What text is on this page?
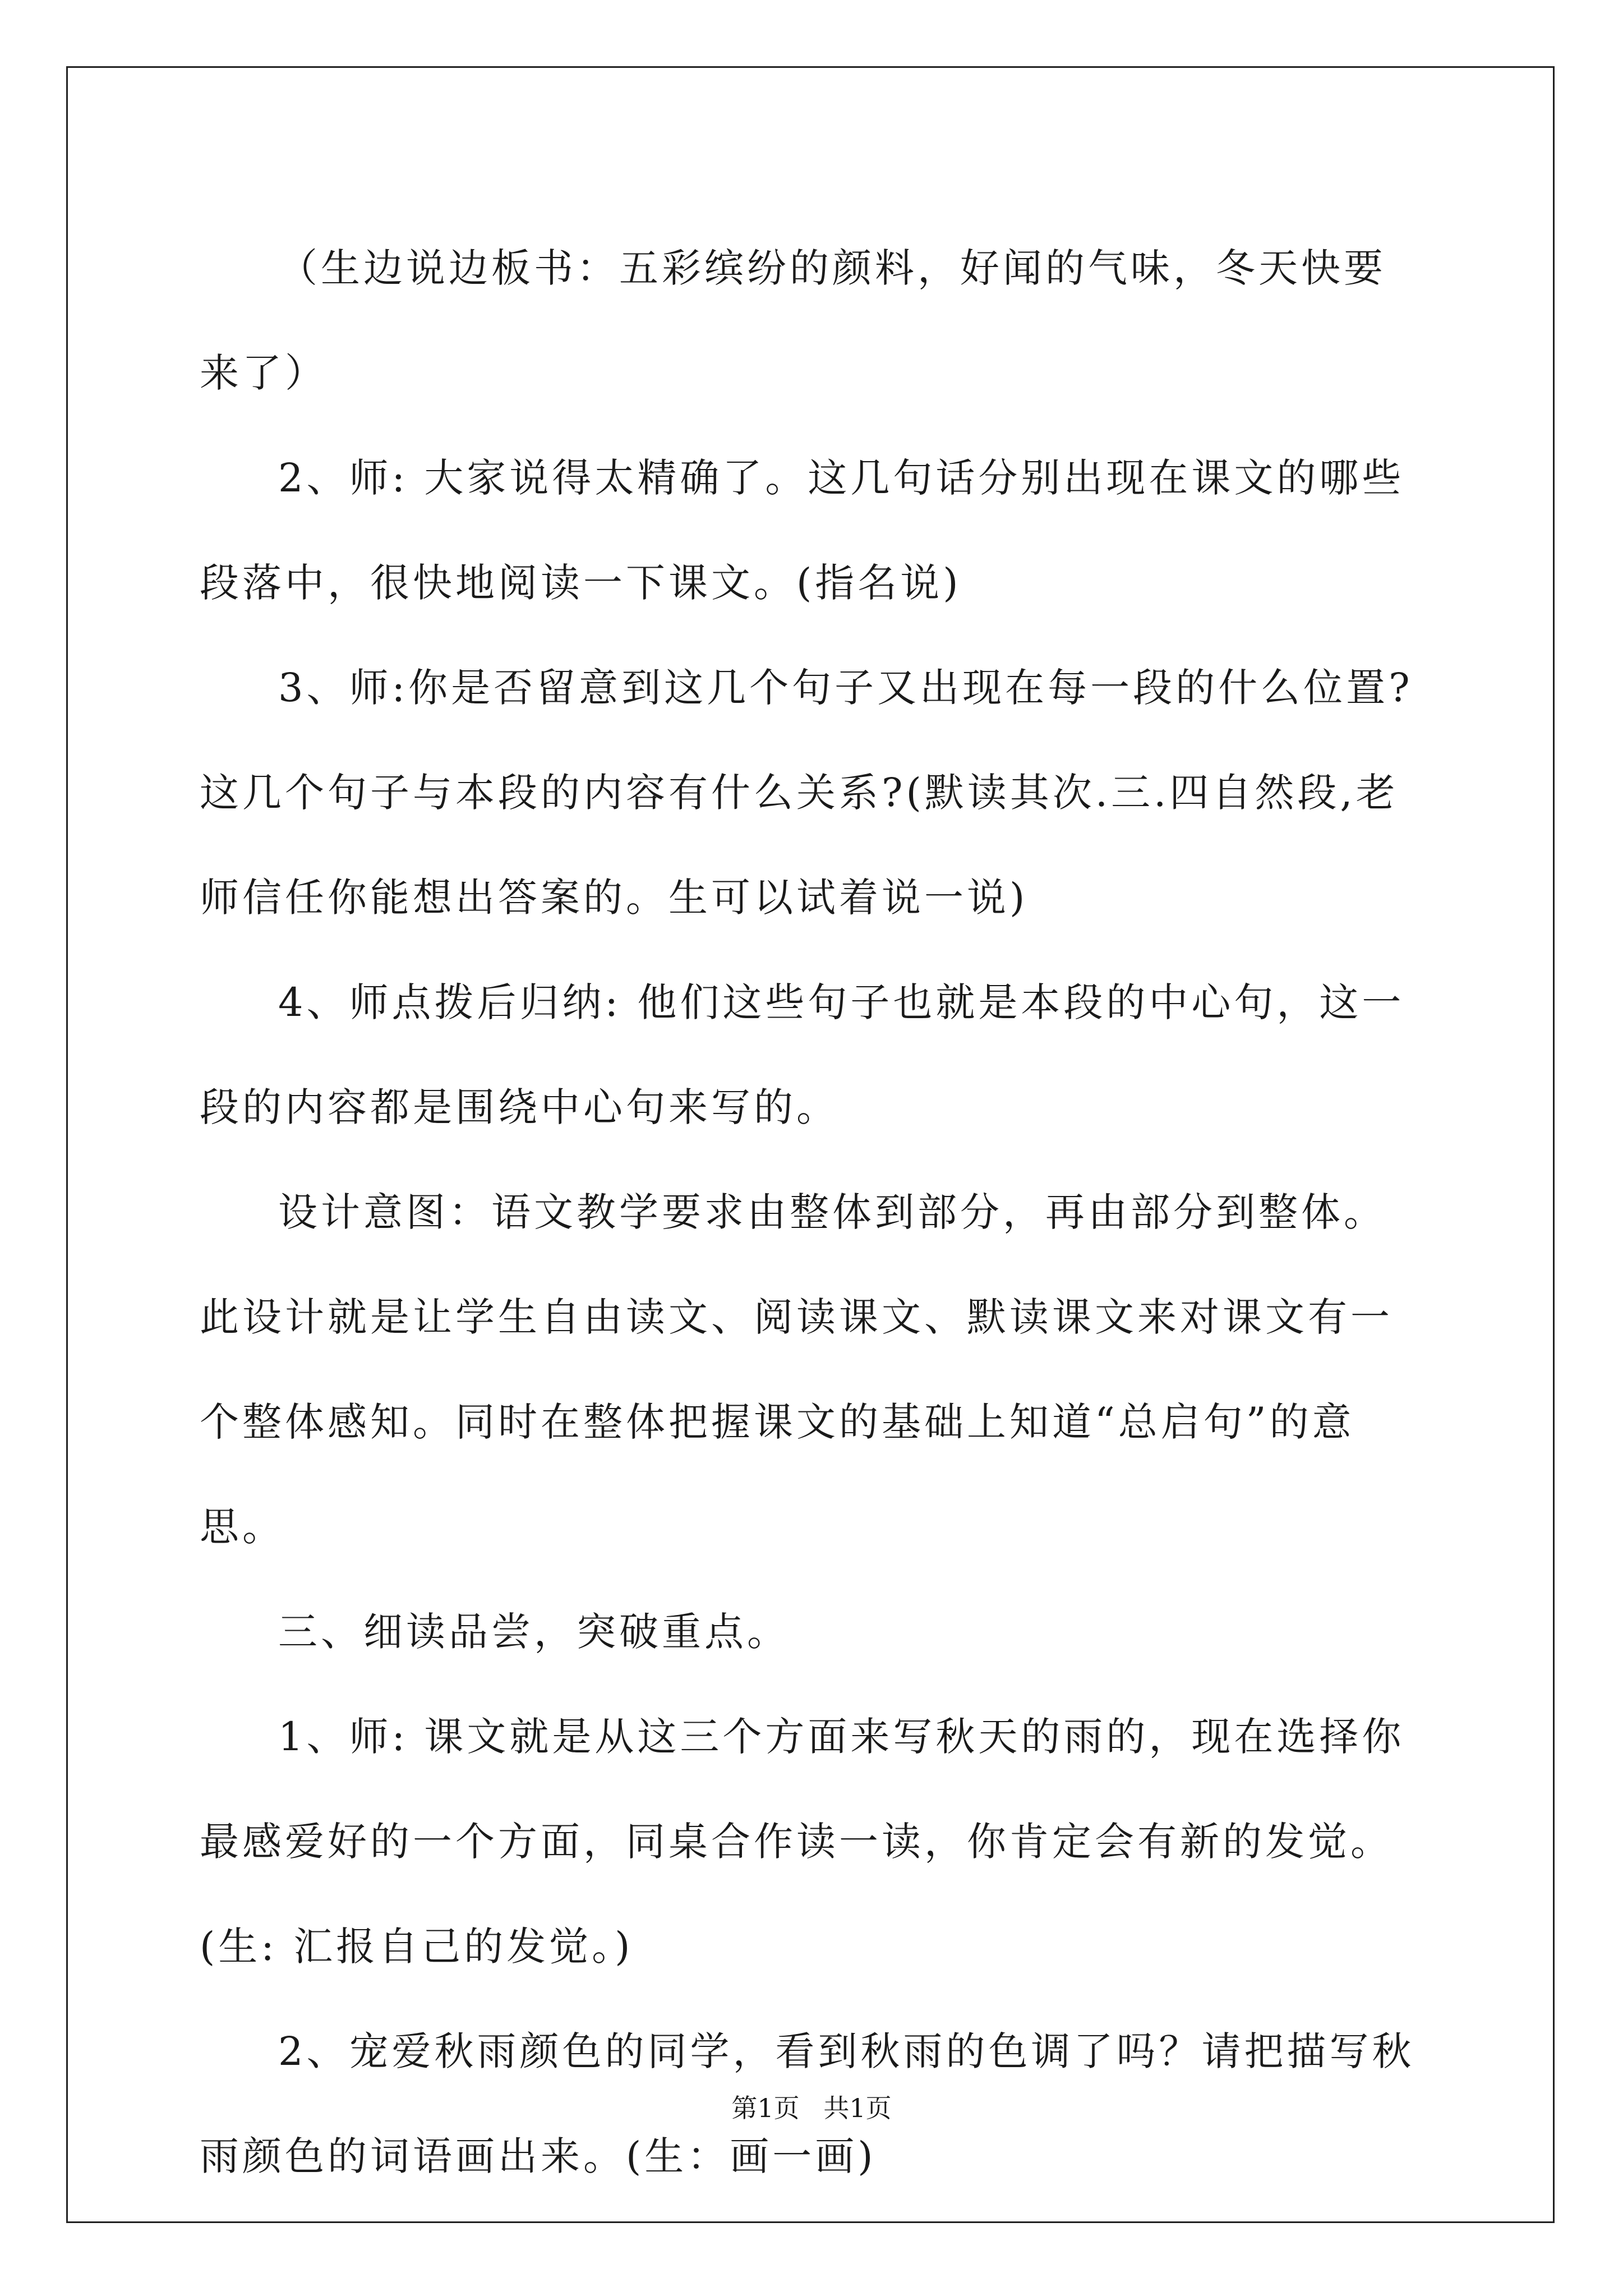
（生边说边板书：五彩缤纷的颜料，好闻的气味，冬天快要来了）

2、师: 大家说得太精确了。这几句话分别出现在课文的哪些段落中，很快地阅读一下课文。(指名说)

3、师:你是否留意到这几个句子又出现在每一段的什么位置?这几个句子与本段的内容有什么关系?(默读其次.三.四自然段,老师信任你能想出答案的。生可以试着说一说)

4、师点拨后归纳: 他们这些句子也就是本段的中心句，这一段的内容都是围绕中心句来写的。

设计意图：语文教学要求由整体到部分，再由部分到整体。此设计就是让学生自由读文、阅读课文、默读课文来对课文有一个整体感知。同时在整体把握课文的基础上知道“总启句”的意思。

三、细读品尝，突破重点。

1、师: 课文就是从这三个方面来写秋天的雨的，现在选择你最感爱好的一个方面，同桌合作读一读，你肯定会有新的发觉。(生: 汇报自己的发觉。)

2、宠爱秋雨颜色的同学，看到秋雨的色调了吗？请把描写秋雨颜色的词语画出来。(生：画一画)

第1页 共1页
